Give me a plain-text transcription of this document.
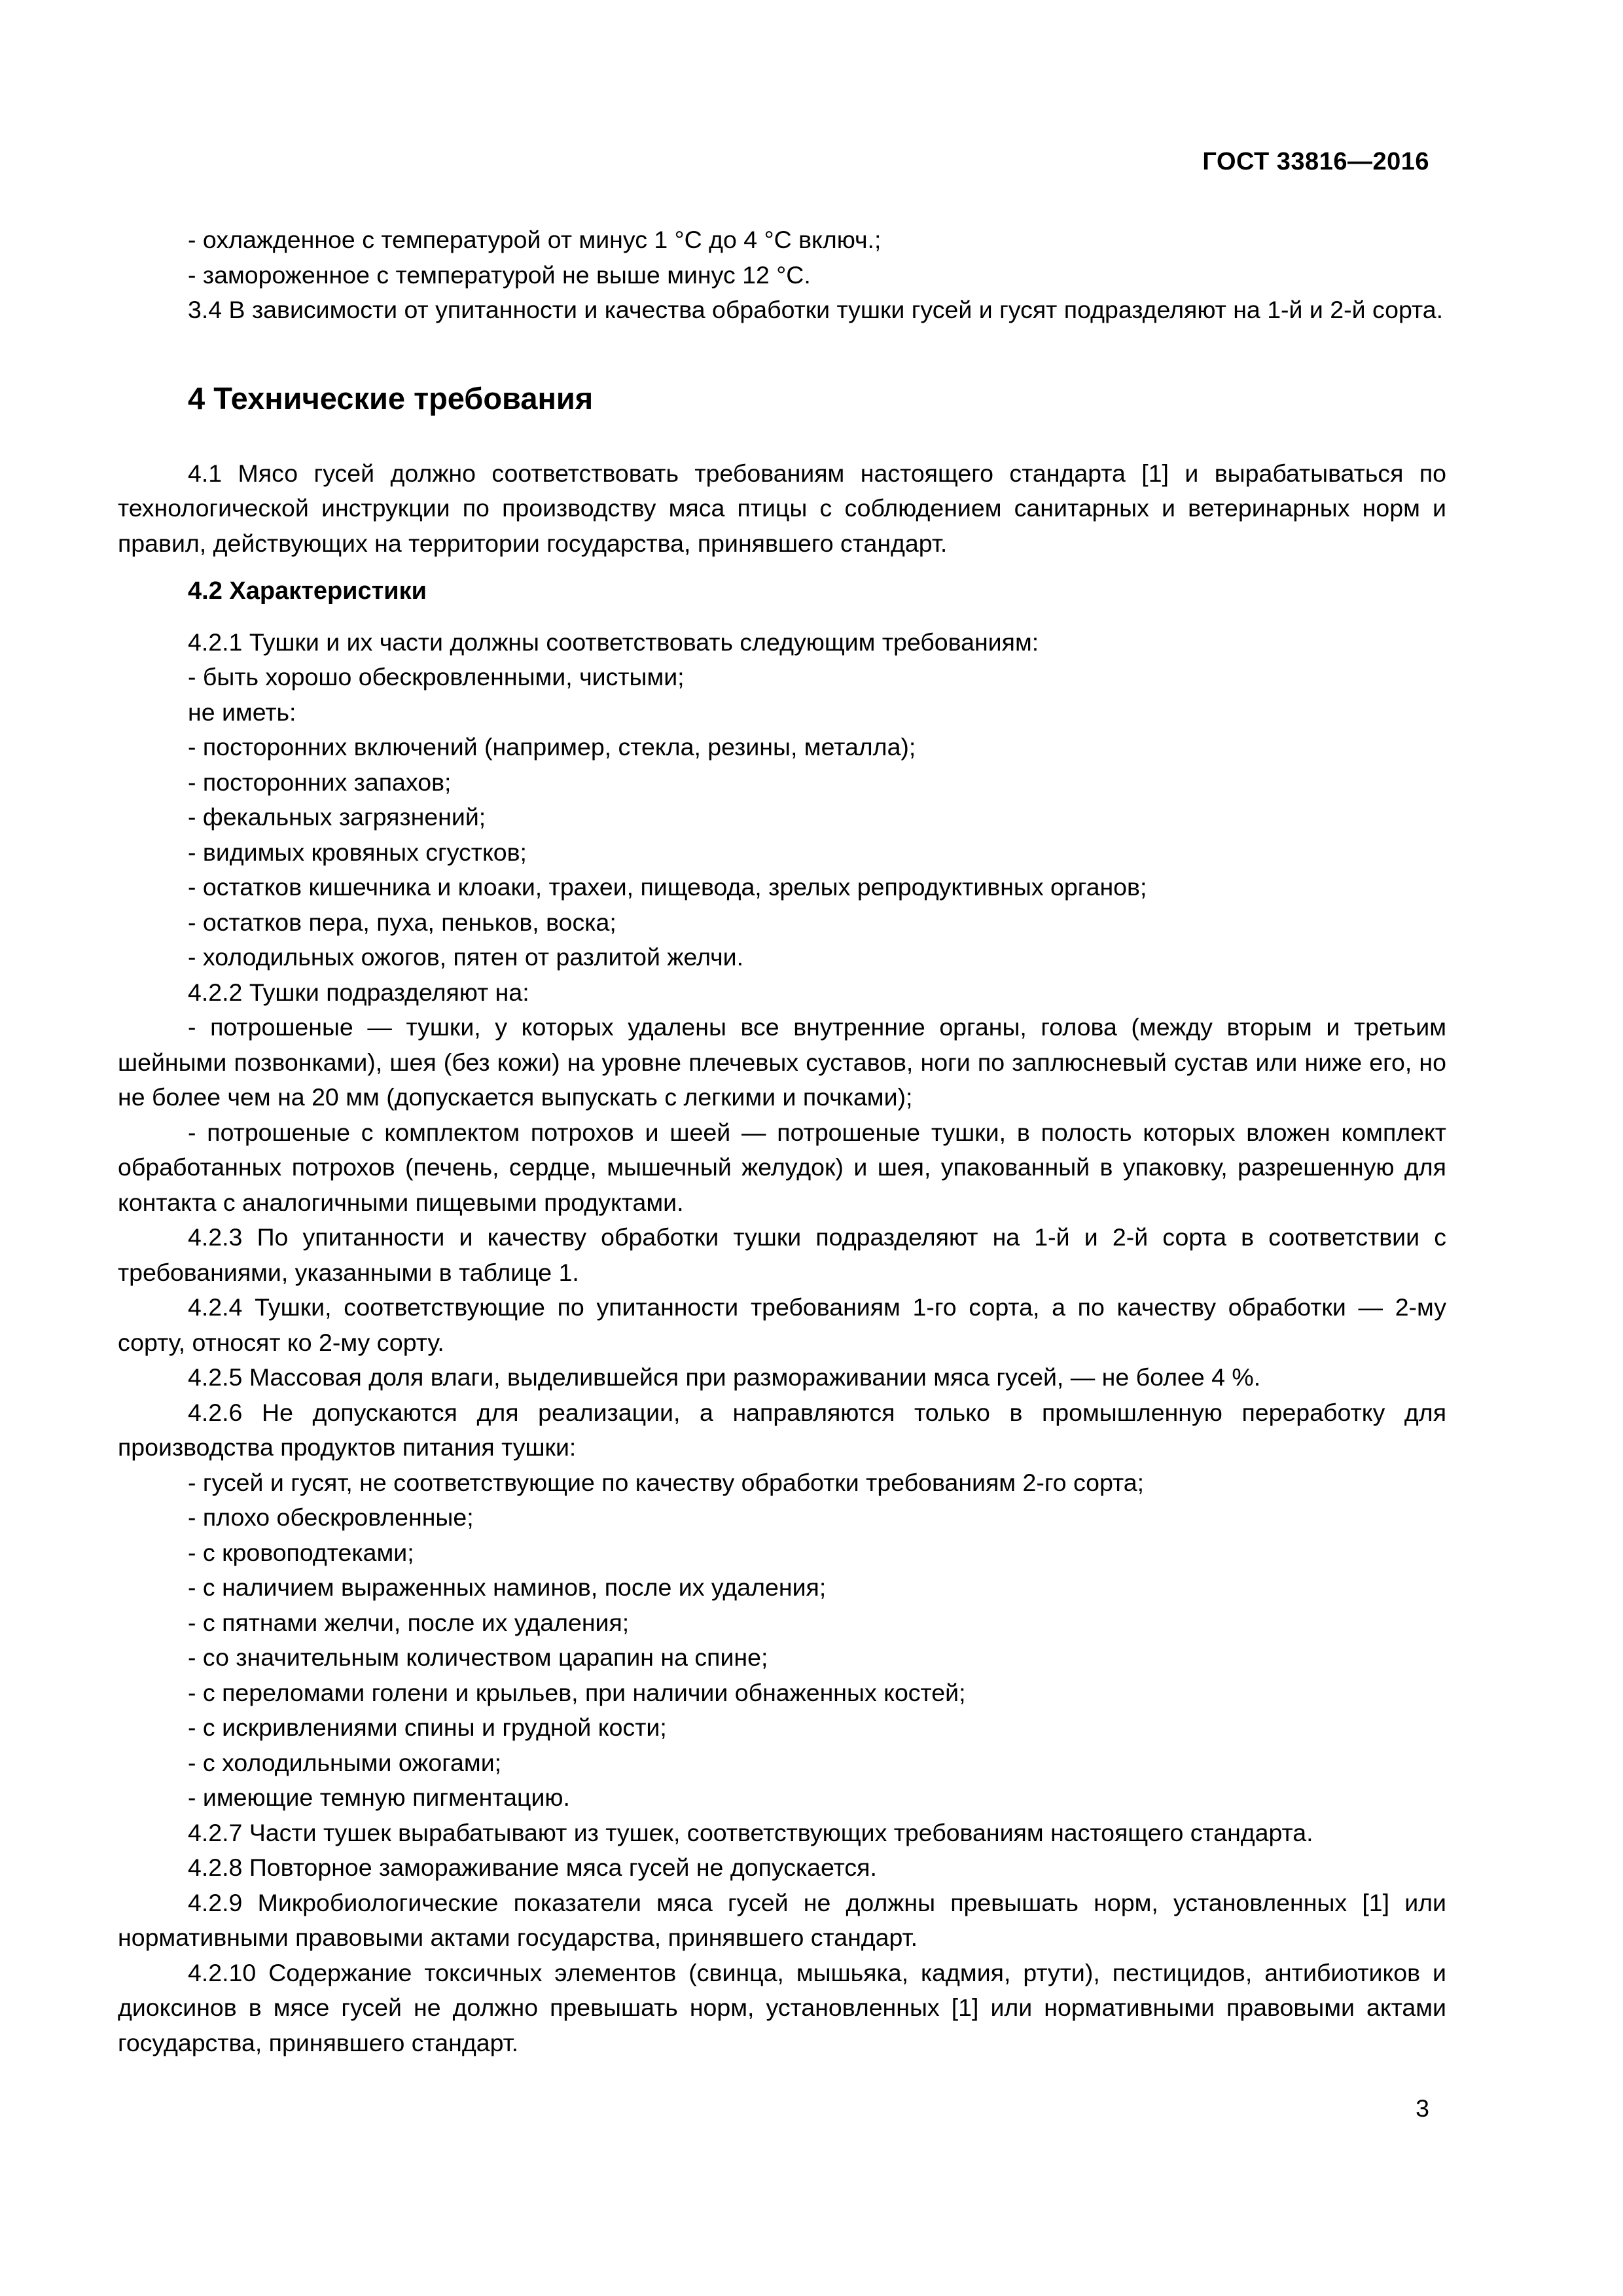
ГОСТ 33816—2016
- охлажденное с температурой от минус 1 °С до 4 °С включ.;
- замороженное с температурой не выше минус 12 °С.
3.4 В зависимости от упитанности и качества обработки тушки гусей и гусят подразделяют на 1-й и 2-й сорта.
4 Технические требования
4.1 Мясо гусей должно соответствовать требованиям настоящего стандарта [1] и вырабатываться по технологической инструкции по производству мяса птицы с соблюдением санитарных и ветеринарных норм и правил, действующих на территории государства, принявшего стандарт.
4.2 Характеристики
4.2.1 Тушки и их части должны соответствовать следующим требованиям:
- быть хорошо обескровленными, чистыми;
не иметь:
- посторонних включений (например, стекла, резины, металла);
- посторонних запахов;
- фекальных загрязнений;
- видимых кровяных сгустков;
- остатков кишечника и клоаки, трахеи, пищевода, зрелых репродуктивных органов;
- остатков пера, пуха, пеньков, воска;
- холодильных ожогов, пятен от разлитой желчи.
4.2.2 Тушки подразделяют на:
- потрошеные — тушки, у которых удалены все внутренние органы, голова (между вторым и третьим шейными позвонками), шея (без кожи) на уровне плечевых суставов, ноги по заплюсневый сустав или ниже его, но не более чем на 20 мм (допускается выпускать с легкими и почками);
- потрошеные с комплектом потрохов и шеей — потрошеные тушки, в полость которых вложен комплект обработанных потрохов (печень, сердце, мышечный желудок) и шея, упакованный в упаковку, разрешенную для контакта с аналогичными пищевыми продуктами.
4.2.3 По упитанности и качеству обработки тушки подразделяют на 1-й и 2-й сорта в соответствии с требованиями, указанными в таблице 1.
4.2.4 Тушки, соответствующие по упитанности требованиям 1-го сорта, а по качеству обработки — 2-му сорту, относят ко 2-му сорту.
4.2.5 Массовая доля влаги, выделившейся при размораживании мяса гусей, — не более 4 %.
4.2.6 Не допускаются для реализации, а направляются только в промышленную переработку для производства продуктов питания тушки:
- гусей и гусят, не соответствующие по качеству обработки требованиям 2-го сорта;
- плохо обескровленные;
- с кровоподтеками;
- с наличием выраженных наминов, после их удаления;
- с пятнами желчи, после их удаления;
- со значительным количеством царапин на спине;
- с переломами голени и крыльев, при наличии обнаженных костей;
- с искривлениями спины и грудной кости;
- с холодильными ожогами;
- имеющие темную пигментацию.
4.2.7 Части тушек вырабатывают из тушек, соответствующих требованиям настоящего стандарта.
4.2.8 Повторное замораживание мяса гусей не допускается.
4.2.9 Микробиологические показатели мяса гусей не должны превышать норм, установленных [1] или нормативными правовыми актами государства, принявшего стандарт.
4.2.10 Содержание токсичных элементов (свинца, мышьяка, кадмия, ртути), пестицидов, антибиотиков и диоксинов в мясе гусей не должно превышать норм, установленных [1] или нормативными правовыми актами государства, принявшего стандарт.
3
